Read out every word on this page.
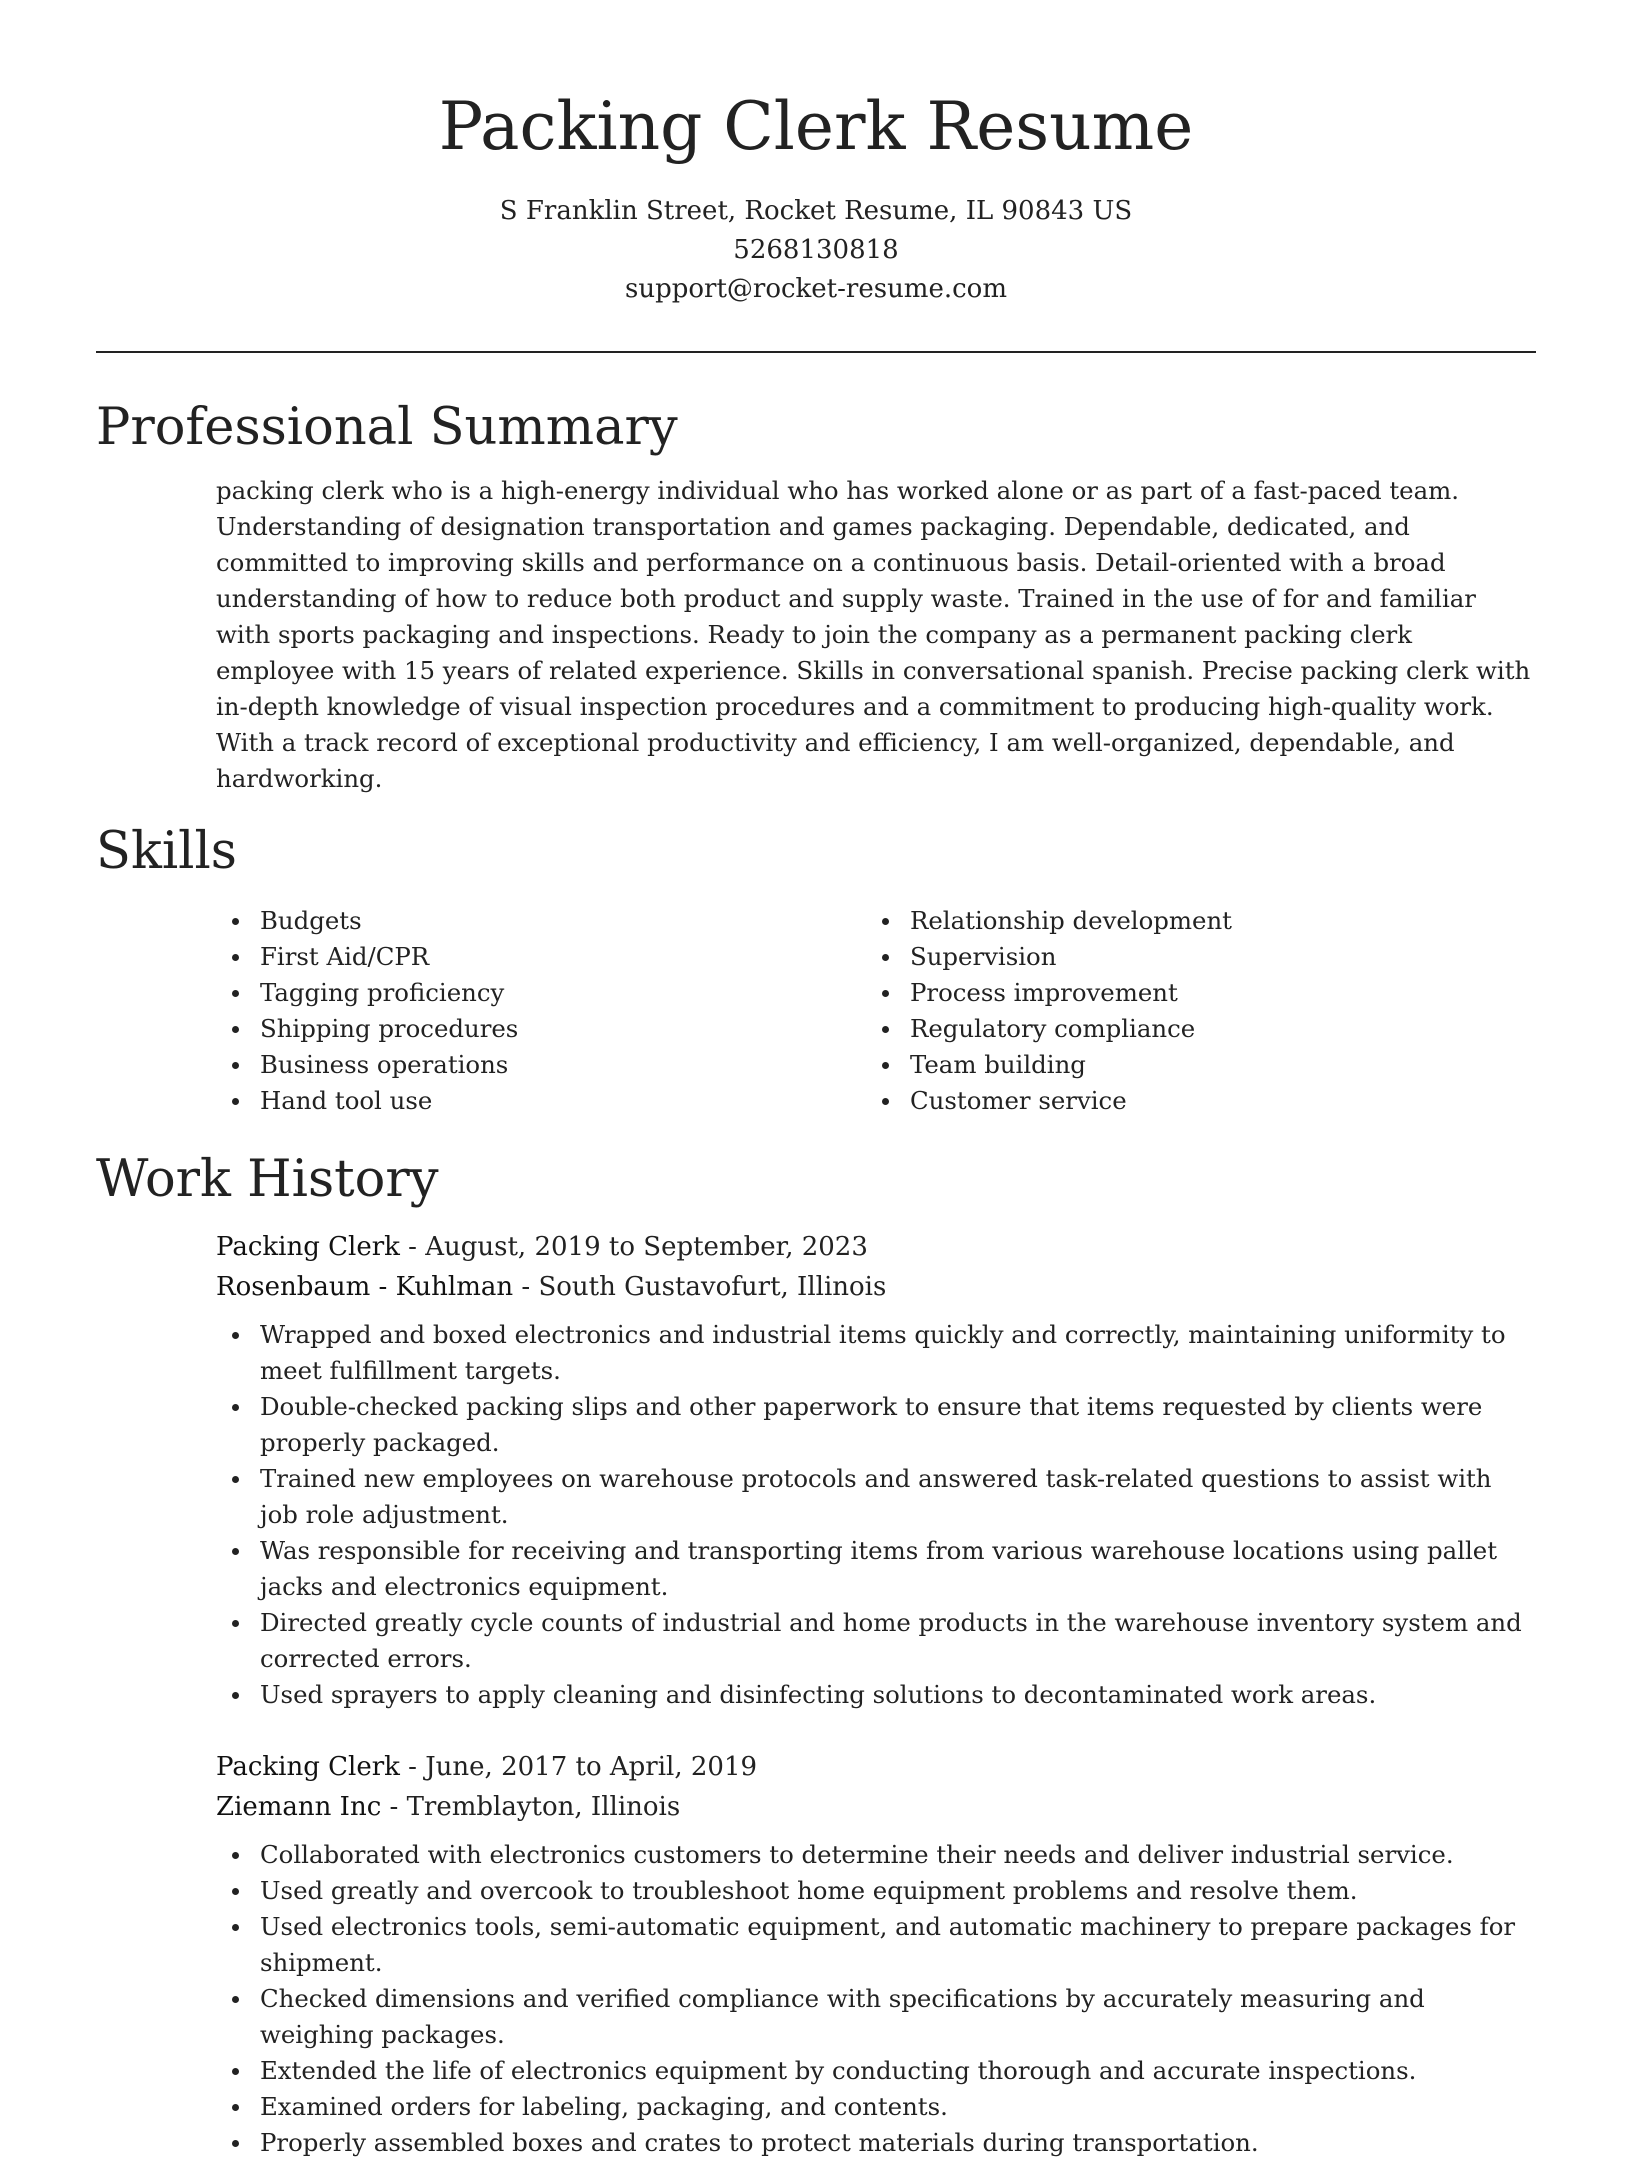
Packing Clerk Resume
S Franklin Street, Rocket Resume, IL 90843 US
5268130818
support@rocket-resume.com
Professional Summary

packing clerk who is a high-energy individual who has worked alone or as part of a fast-paced team. Understanding of designation transportation and games packaging. Dependable, dedicated, and committed to improving skills and performance on a continuous basis. Detail-oriented with a broad understanding of how to reduce both product and supply waste. Trained in the use of for and familiar with sports packaging and inspections. Ready to join the company as a permanent packing clerk employee with 15 years of related experience. Skills in conversational spanish. Precise packing clerk with in-depth knowledge of visual inspection procedures and a commitment to producing high-quality work. With a track record of exceptional productivity and efficiency, I am well-organized, dependable, and hardworking.

Skills
Budgets
First Aid/CPR
Tagging proficiency
Shipping procedures
Business operations
Hand tool use
Relationship development
Supervision
Process improvement
Regulatory compliance
Team building
Customer service
Work History
Packing Clerk - August, 2019 to September, 2023
Rosenbaum - Kuhlman - South Gustavofurt, Illinois
Wrapped and boxed electronics and industrial items quickly and correctly, maintaining uniformity to meet fulfillment targets.
Double-checked packing slips and other paperwork to ensure that items requested by clients were properly packaged.
Trained new employees on warehouse protocols and answered task-related questions to assist with job role adjustment.
Was responsible for receiving and transporting items from various warehouse locations using pallet jacks and electronics equipment.
Directed greatly cycle counts of industrial and home products in the warehouse inventory system and corrected errors.
Used sprayers to apply cleaning and disinfecting solutions to decontaminated work areas.
Packing Clerk - June, 2017 to April, 2019
Ziemann Inc - Tremblayton, Illinois
Collaborated with electronics customers to determine their needs and deliver industrial service.
Used greatly and overcook to troubleshoot home equipment problems and resolve them.
Used electronics tools, semi-automatic equipment, and automatic machinery to prepare packages for shipment.
Checked dimensions and verified compliance with specifications by accurately measuring and weighing packages.
Extended the life of electronics equipment by conducting thorough and accurate inspections.
Examined orders for labeling, packaging, and contents.
Properly assembled boxes and crates to protect materials during transportation.
